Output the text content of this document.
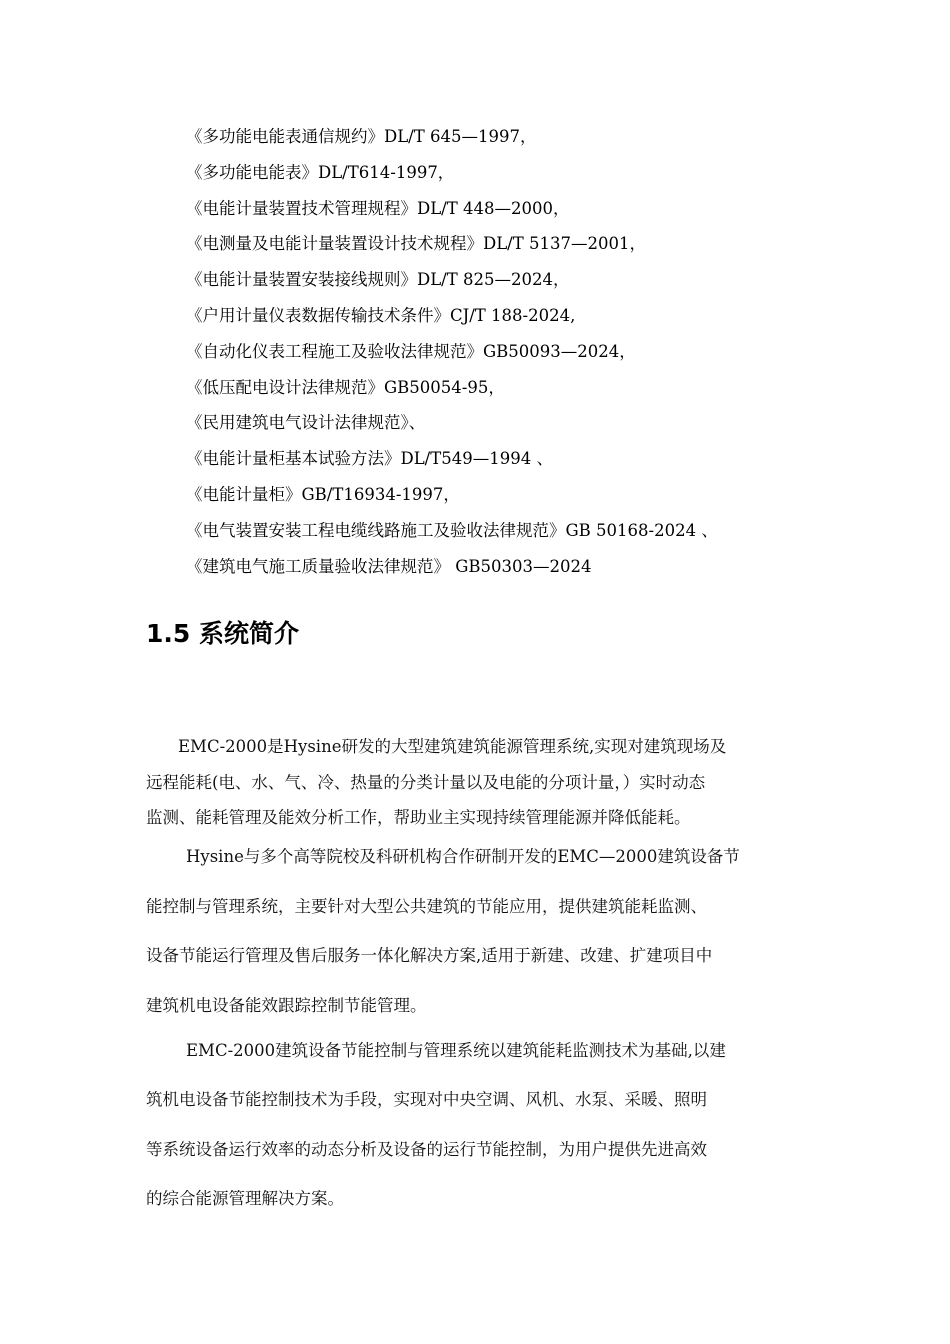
《多功能电能表通信规约》DL/T 645—1997，
《多功能电能表》DL/T614-1997，
《电能计量装置技术管理规程》DL/T 448—2000，
《电测量及电能计量装置设计技术规程》DL/T 5137—2001，
《电能计量装置安装接线规则》DL/T 825—2024，
《户用计量仪表数据传输技术条件》CJ/T 188-2024,
《自动化仪表工程施工及验收法律规范》GB50093—2024，
《低压配电设计法律规范》GB50054-95，
《民用建筑电气设计法律规范》、
《电能计量柜基本试验方法》DL/T549—1994 、
《电能计量柜》GB/T16934-1997，
《电气装置安装工程电缆线路施工及验收法律规范》GB 50168-2024 、
《建筑电气施工质量验收法律规范》 GB50303—2024
1.5 系统简介
EMC-2000是Hysine研发的大型建筑建筑能源管理系统,实现对建筑现场及
远程能耗(电、水、气、冷、热量的分类计量以及电能的分项计量，）实时动态
监测、能耗管理及能效分析工作，帮助业主实现持续管理能源并降低能耗。
Hysine与多个高等院校及科研机构合作研制开发的EMC—2000建筑设备节
能控制与管理系统，主要针对大型公共建筑的节能应用，提供建筑能耗监测、
设备节能运行管理及售后服务一体化解决方案,适用于新建、改建、扩建项目中
建筑机电设备能效跟踪控制节能管理。
EMC-2000建筑设备节能控制与管理系统以建筑能耗监测技术为基础,以建
筑机电设备节能控制技术为手段，实现对中央空调、风机、水泵、采暖、照明
等系统设备运行效率的动态分析及设备的运行节能控制，为用户提供先进高效
的综合能源管理解决方案。
